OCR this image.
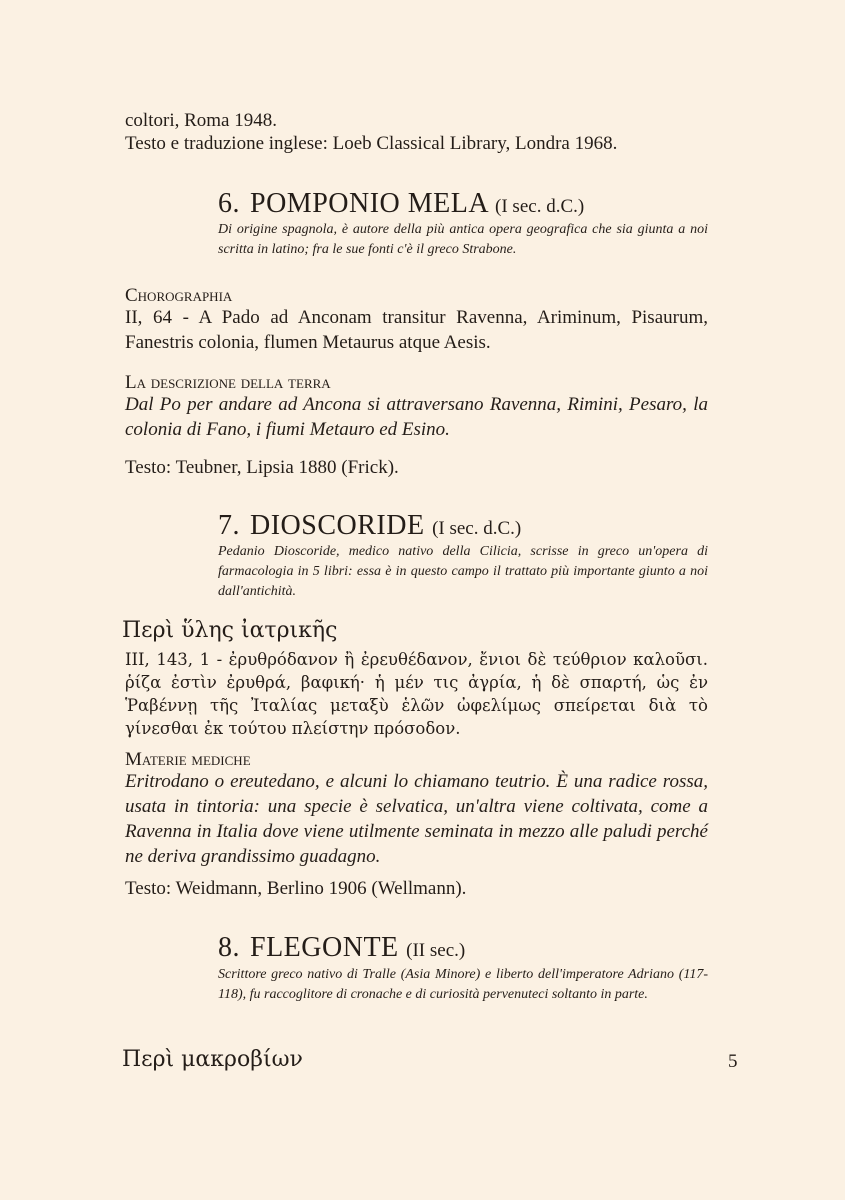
coltori, Roma 1948.
Testo e traduzione inglese: Loeb Classical Library, Londra 1968.
6. POMPONIO MELA (I sec. d.C.)
Di origine spagnola, è autore della più antica opera geografica che sia giunta a noi scritta in latino; fra le sue fonti c'è il greco Strabone.
Chorographia
II, 64 - A Pado ad Anconam transitur Ravenna, Ariminum, Pisaurum, Fanestris colonia, flumen Metaurus atque Aesis.
La descrizione della terra
Dal Po per andare ad Ancona si attraversano Ravenna, Rimini, Pesaro, la colonia di Fano, i fiumi Metauro ed Esino.
Testo: Teubner, Lipsia 1880 (Frick).
7. DIOSCORIDE (I sec. d.C.)
Pedanio Dioscoride, medico nativo della Cilicia, scrisse in greco un'opera di farmacologia in 5 libri: essa è in questo campo il trattato più importante giunto a noi dall'antichità.
Περὶ ὕλης ἰατρικῆς
III, 143, 1 - ἐρυθρόδανον ἢ ἐρευθέδανον, ἔνιοι δὲ τεύθριον καλοῦσι. ῥίζα ἐστὶν ἐρυθρά, βαφική· ἡ μέν τις ἀγρία, ἡ δὲ σπαρτή, ὡς ἐν Ῥαβέννῃ τῆς Ἰταλίας μεταξὺ ἑλῶν ὠφελίμως σπείρεται διὰ τὸ γίνεσθαι ἐκ τούτου πλείστην πρόσοδον.
Materie mediche
Eritrodano o ereutedano, e alcuni lo chiamano teutrio. È una radice rossa, usata in tintoria: una specie è selvatica, un'altra viene coltivata, come a Ravenna in Italia dove viene utilmente seminata in mezzo alle paludi perché ne deriva grandissimo guadagno.
Testo: Weidmann, Berlino 1906 (Wellmann).
8. FLEGONTE (II sec.)
Scrittore greco nativo di Tralle (Asia Minore) e liberto dell'imperatore Adriano (117-118), fu raccoglitore di cronache e di curiosità pervenuteci soltanto in parte.
Περὶ μακροβίων	5
